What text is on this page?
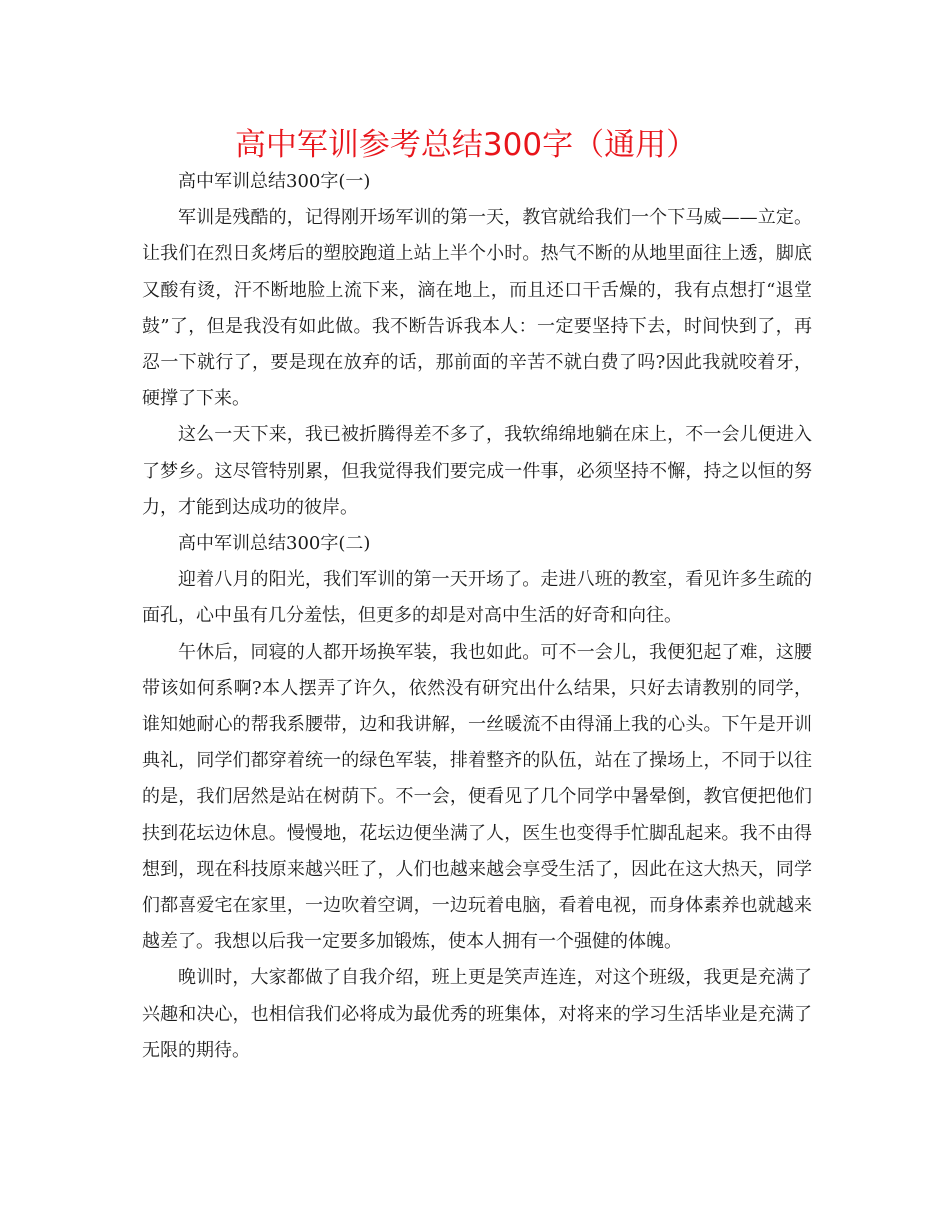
高中军训参考总结300字（通用）

高中军训总结300字(一)

军训是残酷的，记得刚开场军训的第一天，教官就给我们一个下马威——立定。让我们在烈日炙烤后的塑胶跑道上站上半个小时。热气不断的从地里面往上透，脚底又酸有烫，汗不断地脸上流下来，滴在地上，而且还口干舌燥的，我有点想打“退堂鼓”了，但是我没有如此做。我不断告诉我本人：一定要坚持下去，时间快到了，再忍一下就行了，要是现在放弃的话，那前面的辛苦不就白费了吗?因此我就咬着牙，硬撑了下来。

这么一天下来，我已被折腾得差不多了，我软绵绵地躺在床上，不一会儿便进入了梦乡。这尽管特别累，但我觉得我们要完成一件事，必须坚持不懈，持之以恒的努力，才能到达成功的彼岸。

高中军训总结300字(二)

迎着八月的阳光，我们军训的第一天开场了。走进八班的教室，看见许多生疏的面孔，心中虽有几分羞怯，但更多的却是对高中生活的好奇和向往。

午休后，同寝的人都开场换军装，我也如此。可不一会儿，我便犯起了难，这腰带该如何系啊?本人摆弄了许久，依然没有研究出什么结果，只好去请教别的同学，谁知她耐心的帮我系腰带，边和我讲解，一丝暖流不由得涌上我的心头。下午是开训典礼，同学们都穿着统一的绿色军装，排着整齐的队伍，站在了操场上，不同于以往的是，我们居然是站在树荫下。不一会，便看见了几个同学中暑晕倒，教官便把他们扶到花坛边休息。慢慢地，花坛边便坐满了人，医生也变得手忙脚乱起来。我不由得想到，现在科技原来越兴旺了，人们也越来越会享受生活了，因此在这大热天，同学们都喜爱宅在家里，一边吹着空调，一边玩着电脑，看着电视，而身体素养也就越来越差了。我想以后我一定要多加锻炼，使本人拥有一个强健的体魄。

晚训时，大家都做了自我介绍，班上更是笑声连连，对这个班级，我更是充满了兴趣和决心，也相信我们必将成为最优秀的班集体，对将来的学习生活毕业是充满了无限的期待。
